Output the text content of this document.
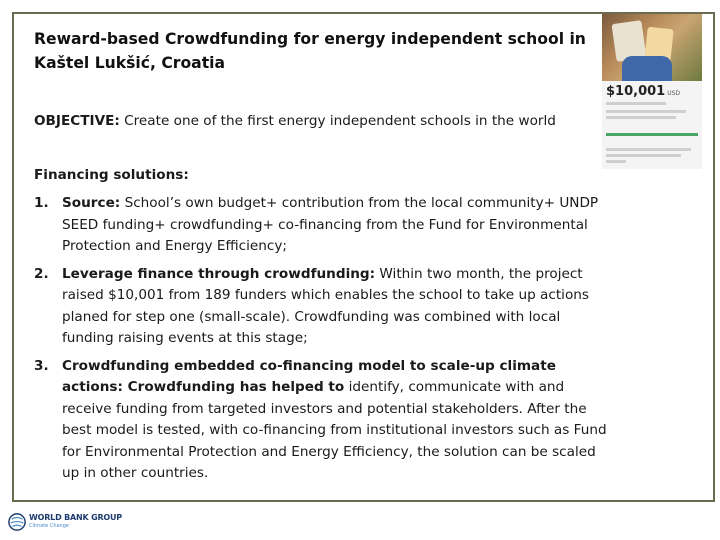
Reward-based Crowdfunding for energy independent school in Kaštel Lukšić, Croatia
OBJECTIVE: Create one of the first energy independent schools in the world
Financing solutions:
1. Source: School’s own budget+ contribution from the local community+ UNDP SEED funding+ crowdfunding+ co-financing from the Fund for Environmental Protection and Energy Efficiency;
2. Leverage finance through crowdfunding: Within two month, the project raised $10,001 from 189 funders which enables the school to take up actions planed for step one (small-scale). Crowdfunding was combined with local funding raising events at this stage;
3. Crowdfunding embedded co-financing model to scale-up climate actions: Crowdfunding has helped to identify, communicate with and receive funding from targeted investors and potential stakeholders. After the best model is tested, with co-financing from institutional investors such as Fund for Environmental Protection and Energy Efficiency, the solution can be scaled up in other countries.
$10,001 USD
WORLD BANK GROUP
Climate Change
